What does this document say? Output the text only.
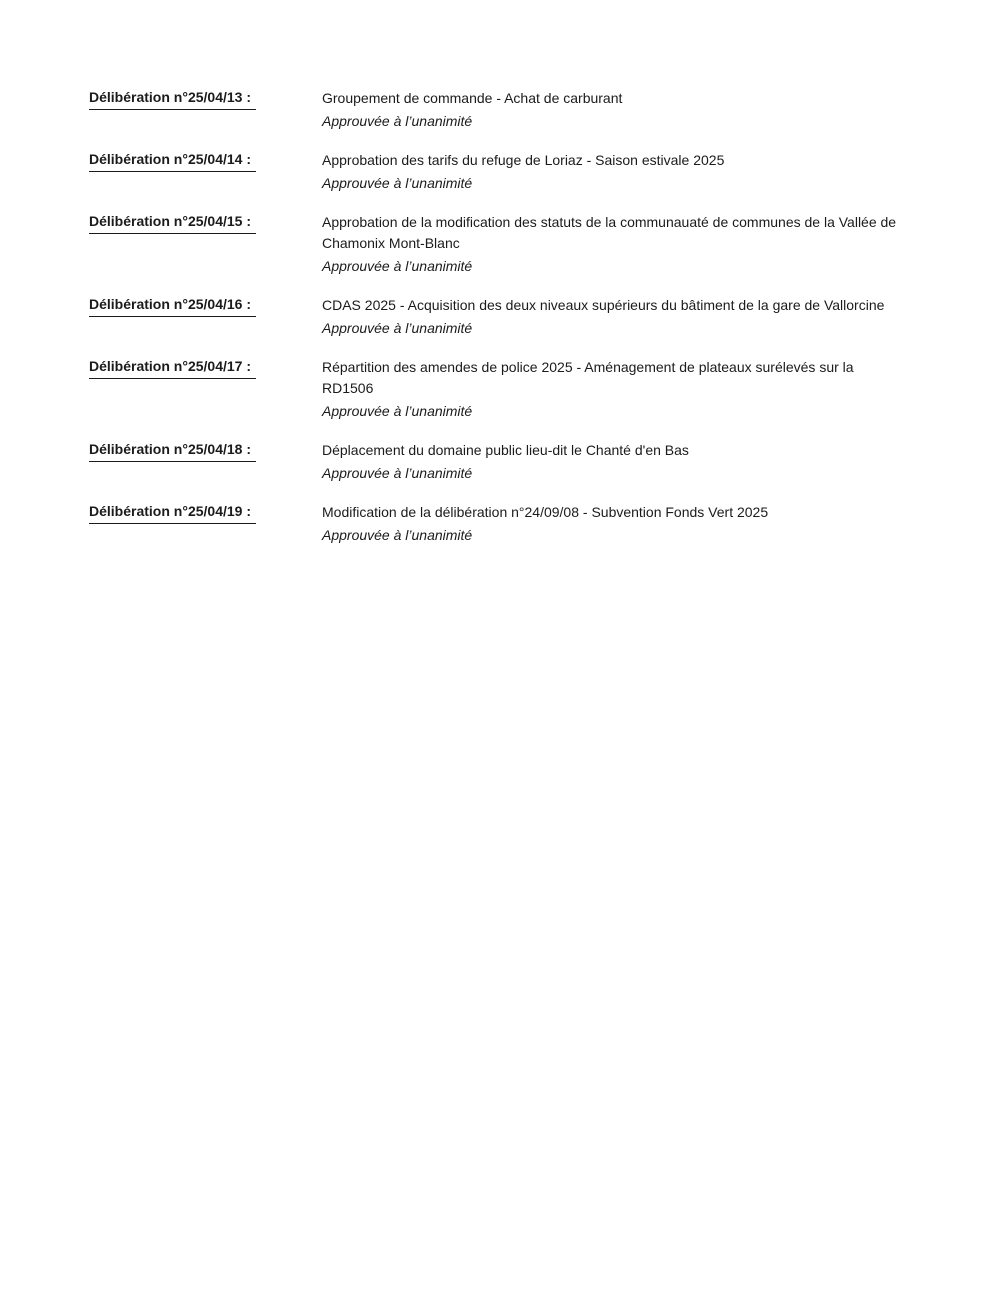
Délibération n°25/04/13 :	Groupement de commande - Achat de carburant

Approuvée à l’unanimité

Délibération n°25/04/14 :	Approbation des tarifs du refuge de Loriaz - Saison estivale 2025

Approuvée à l’unanimité

Délibération n°25/04/15 :	Approbation de la modification des statuts de la communauaté de communes de la Vallée de Chamonix Mont-Blanc

Approuvée à l’unanimité

Délibération n°25/04/16 :	CDAS 2025 - Acquisition des deux niveaux supérieurs du bâtiment de la gare de Vallorcine

Approuvée à l’unanimité

Délibération n°25/04/17 :	Répartition des amendes de police 2025 - Aménagement de plateaux surélevés sur la RD1506

Approuvée à l’unanimité

Délibération n°25/04/18 :	Déplacement du domaine public lieu-dit le Chanté d'en Bas

Approuvée à l’unanimité

Délibération n°25/04/19 :	Modification de la délibération n°24/09/08 - Subvention Fonds Vert 2025

Approuvée à l’unanimité
